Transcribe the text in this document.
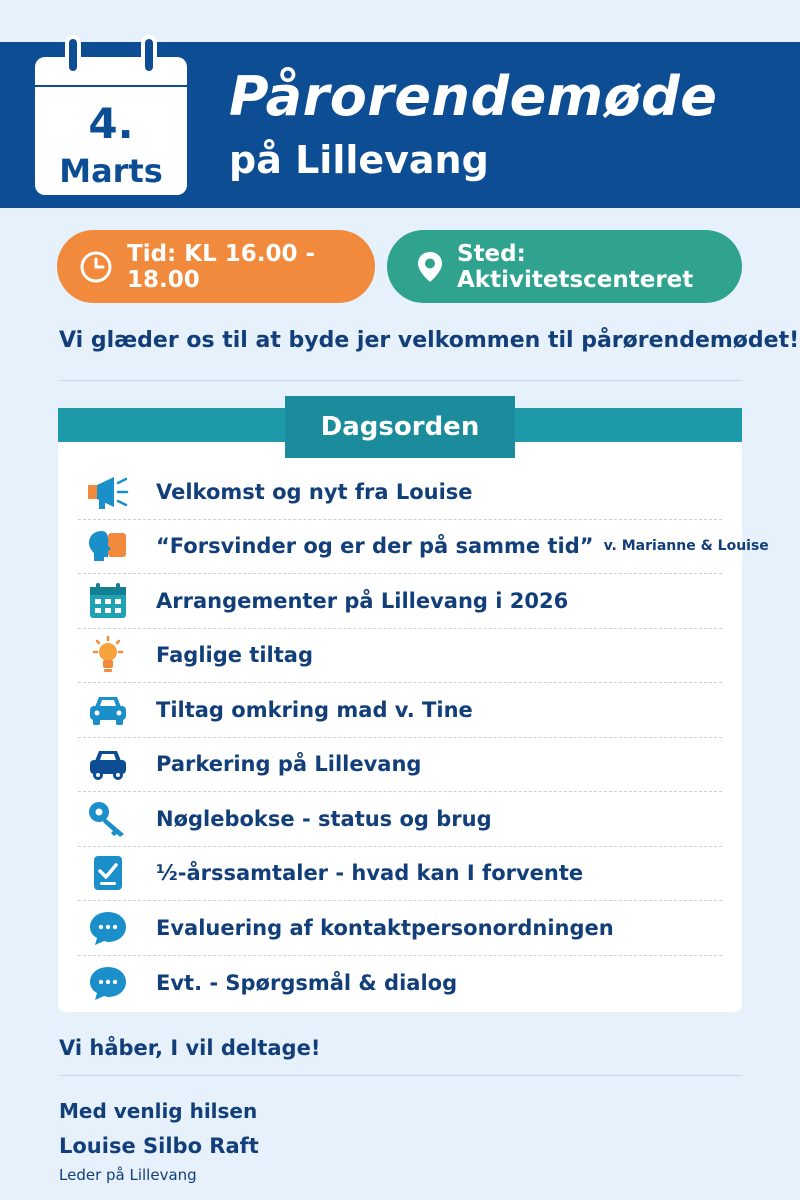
4.
Marts
Pårorendemøde
på Lillevang
Tid: KL 16.00 - 18.00
Sted: Aktivitetscenteret
Vi glæder os til at byde jer velkommen til pårørendemødet!
Dagsorden
Velkomst og nyt fra Louise
“Forsvinder og er der på samme tid” v. Marianne & Louise
Arrangementer på Lillevang i 2026
Faglige tiltag
Tiltag omkring mad v. Tine
Parkering på Lillevang
Nøglebokse - status og brug
½-årssamtaler - hvad kan I forvente
Evaluering af kontaktpersonordningen
Evt. - Spørgsmål & dialog
Vi håber, I vil deltage!
Med venlig hilsen
Louise Silbo Raft
Leder på Lillevang
